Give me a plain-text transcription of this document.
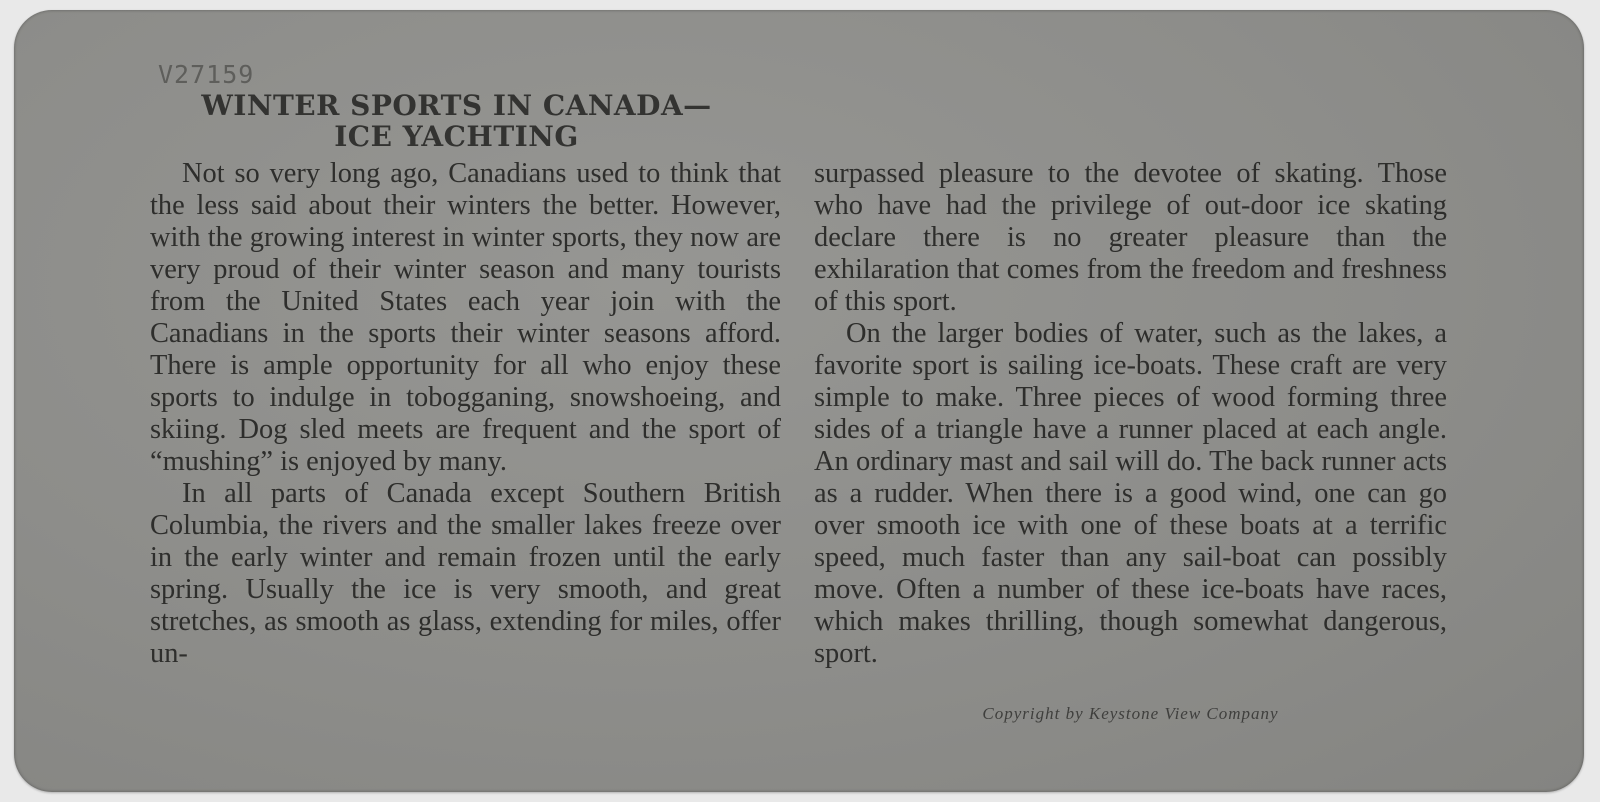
V27159
WINTER SPORTS IN CANADA—
ICE YACHTING

Not so very long ago, Canadians used to think that the less said about their winters the better. However, with the growing interest in winter sports, they now are very proud of their winter season and many tourists from the United States each year join with the Canadians in the sports their winter seasons afford. There is ample opportunity for all who enjoy these sports to indulge in tobogganing, snowshoeing, and skiing. Dog sled meets are frequent and the sport of “mushing” is enjoyed by many.

In all parts of Canada except Southern British Columbia, the rivers and the smaller lakes freeze over in the early winter and remain frozen until the early spring. Usually the ice is very smooth, and great stretches, as smooth as glass, extending for miles, offer un-

surpassed pleasure to the devotee of skating. Those who have had the privilege of out-door ice skating declare there is no greater pleasure than the exhilaration that comes from the freedom and freshness of this sport.

On the larger bodies of water, such as the lakes, a favorite sport is sailing ice-boats. These craft are very simple to make. Three pieces of wood forming three sides of a triangle have a runner placed at each angle. An ordinary mast and sail will do. The back runner acts as a rudder. When there is a good wind, one can go over smooth ice with one of these boats at a terrific speed, much faster than any sail-boat can possibly move. Often a number of these ice-boats have races, which makes thrilling, though somewhat dangerous, sport.

Copyright by Keystone View Company
